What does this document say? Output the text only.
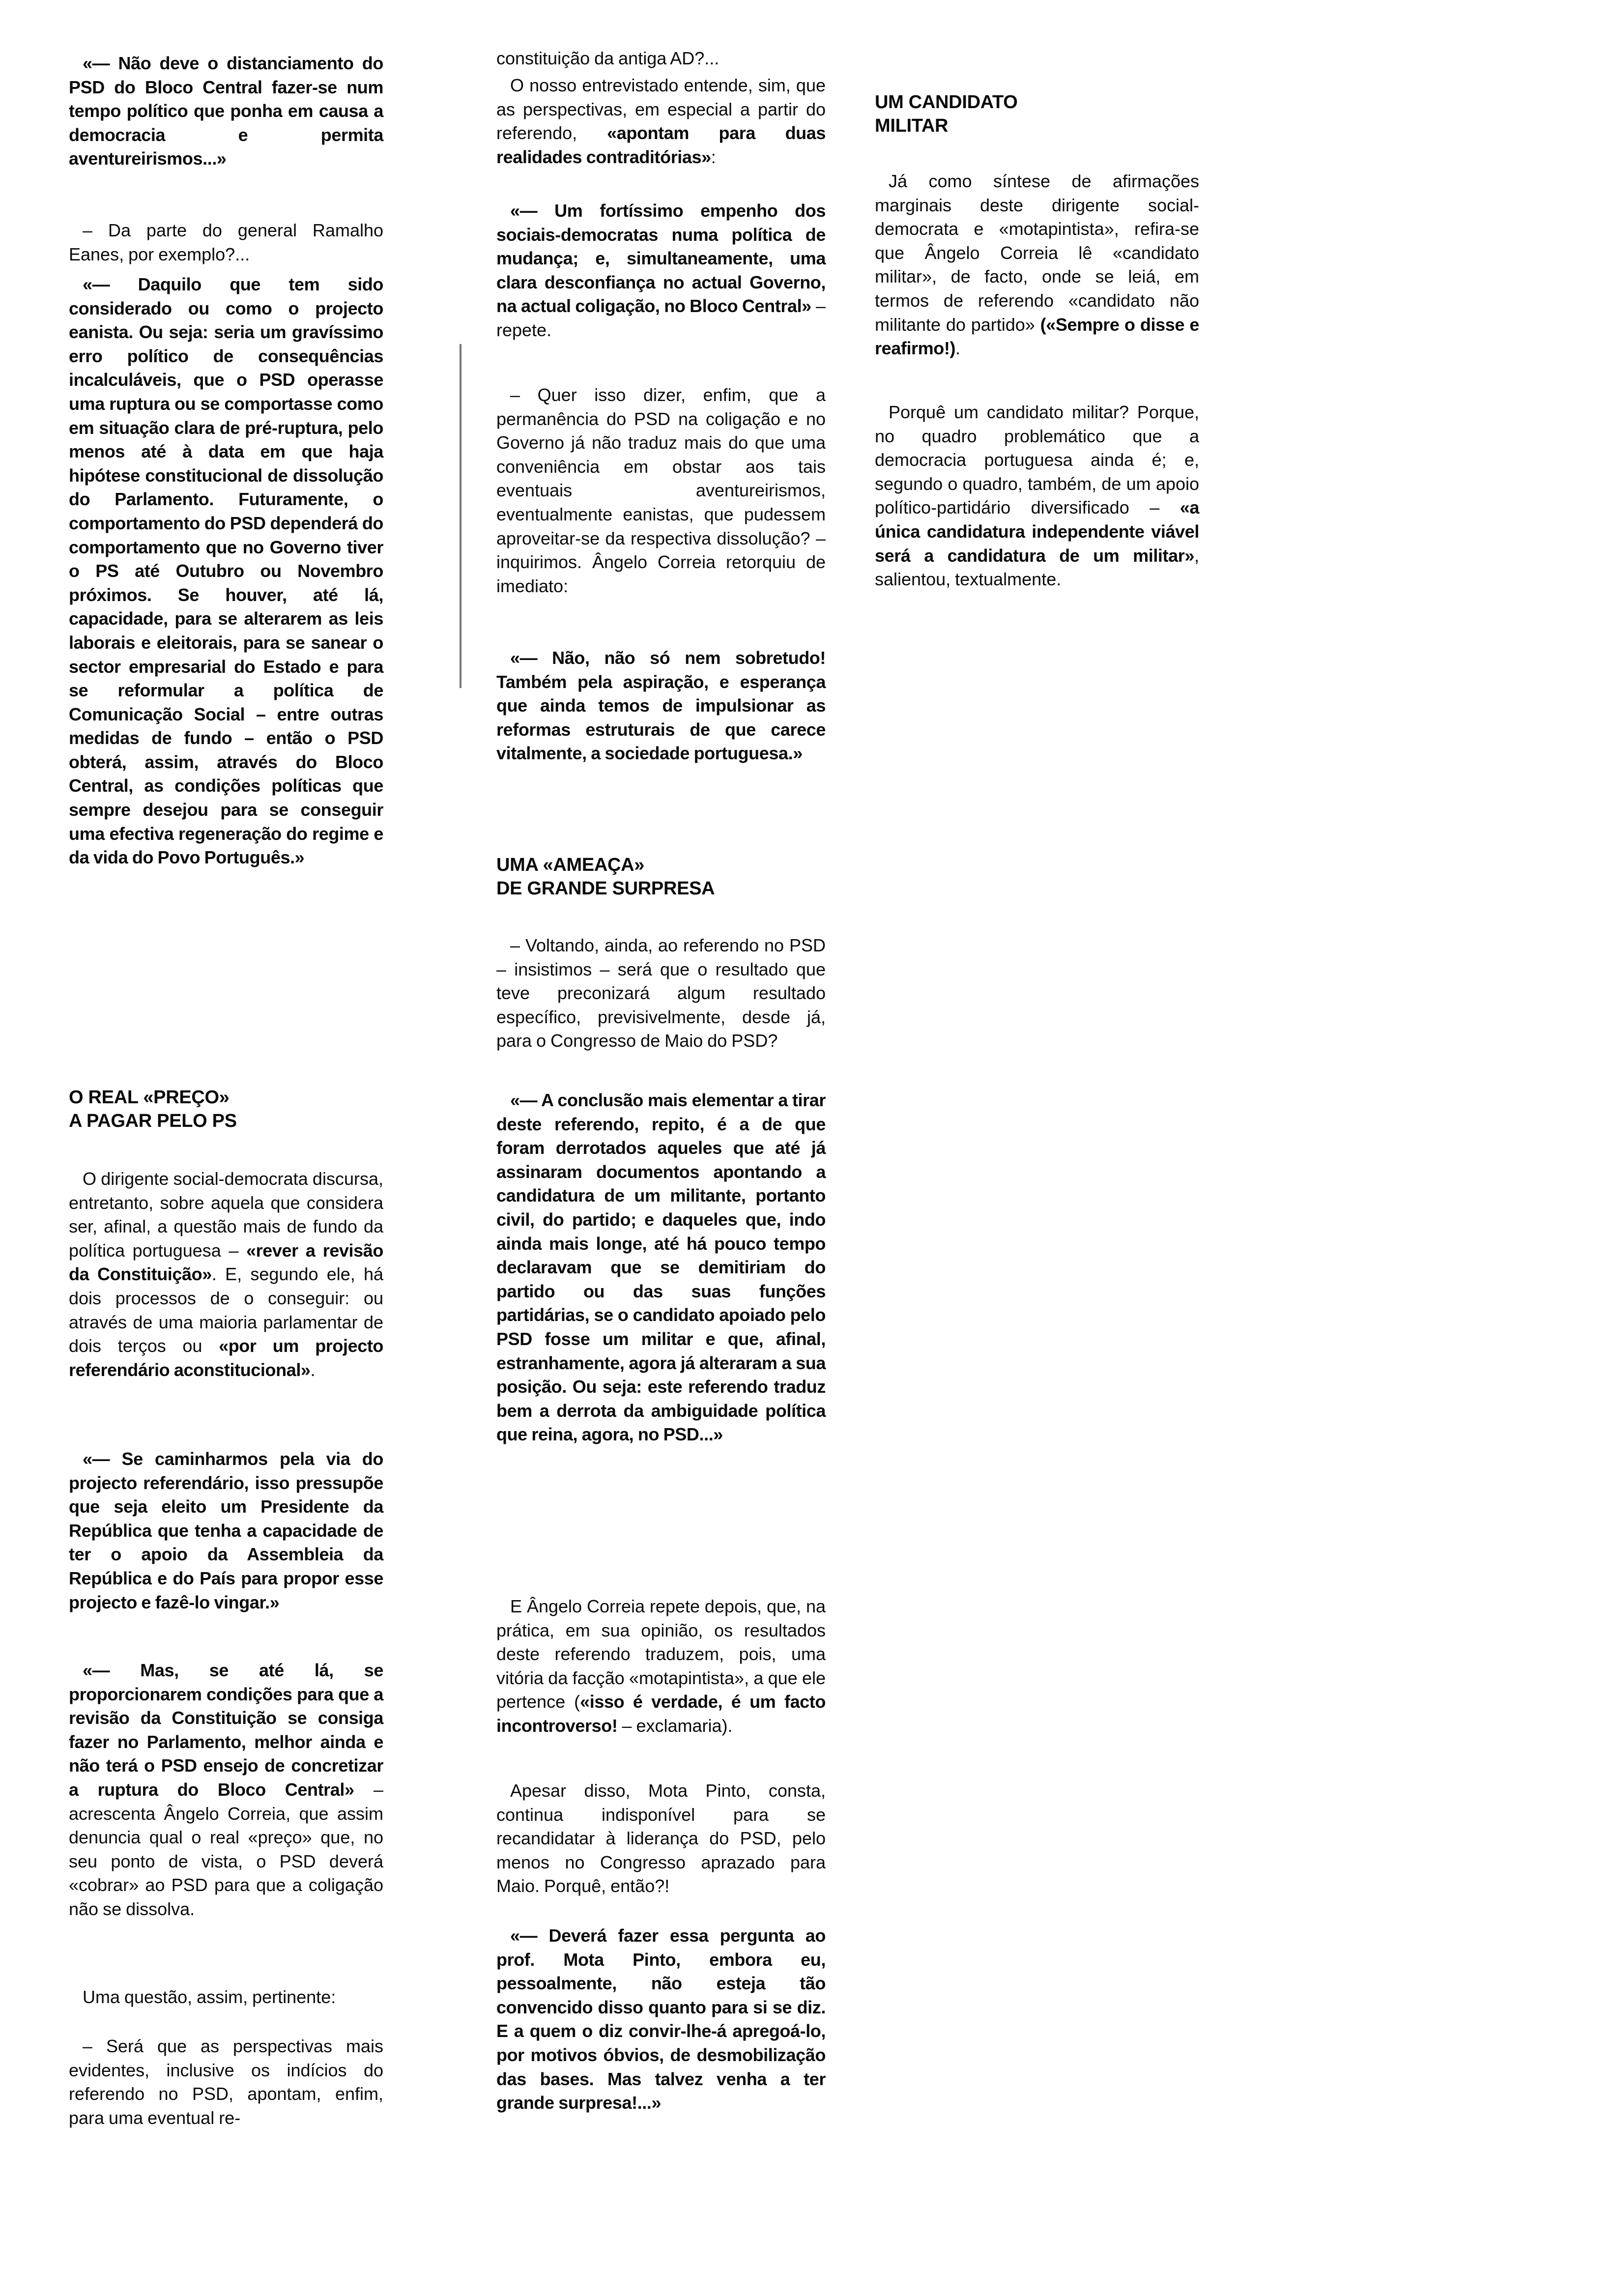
«— Não deve o distanciamento do PSD do Bloco Central fazer-se num tempo político que ponha em causa a democracia e permita aventureirismos...»

– Da parte do general Ramalho Eanes, por exemplo?...

«— Daquilo que tem sido considerado ou como o projecto eanista. Ou seja: seria um gravíssimo erro político de consequências incalculáveis, que o PSD operasse uma ruptura ou se comportasse como em situação clara de pré-ruptura, pelo menos até à data em que haja hipótese constitucional de dissolução do Parlamento. Futuramente, o comportamento do PSD dependerá do comportamento que no Governo tiver o PS até Outubro ou Novembro próximos. Se houver, até lá, capacidade, para se alterarem as leis laborais e eleitorais, para se sanear o sector empresarial do Estado e para se reformular a política de Comunicação Social – entre outras medidas de fundo – então o PSD obterá, assim, através do Bloco Central, as condições políticas que sempre desejou para se conseguir uma efectiva regeneração do regime e da vida do Povo Português.»

O REAL «PREÇO»
A PAGAR PELO PS

O dirigente social-democrata discursa, entretanto, sobre aquela que considera ser, afinal, a questão mais de fundo da política portuguesa – «rever a revisão da Constituição». E, segundo ele, há dois processos de o conseguir: ou através de uma maioria parlamentar de dois terços ou «por um projecto referendário aconstitucional».

«— Se caminharmos pela via do projecto referendário, isso pressupõe que seja eleito um Presidente da República que tenha a capacidade de ter o apoio da Assembleia da República e do País para propor esse projecto e fazê-lo vingar.»

«— Mas, se até lá, se proporcionarem condições para que a revisão da Constituição se consiga fazer no Parlamento, melhor ainda e não terá o PSD ensejo de concretizar a ruptura do Bloco Central» – acrescenta Ângelo Correia, que assim denuncia qual o real «preço» que, no seu ponto de vista, o PSD deverá «cobrar» ao PSD para que a coligação não se dissolva.

Uma questão, assim, pertinente:

– Será que as perspectivas mais evidentes, inclusive os indícios do referendo no PSD, apontam, enfim, para uma eventual re-

constituição da antiga AD?...

O nosso entrevistado entende, sim, que as perspectivas, em especial a partir do referendo, «apontam para duas realidades contraditórias»:

«— Um fortíssimo empenho dos sociais-democratas numa política de mudança; e, simultaneamente, uma clara desconfiança no actual Governo, na actual coligação, no Bloco Central» – repete.

– Quer isso dizer, enfim, que a permanência do PSD na coligação e no Governo já não traduz mais do que uma conveniência em obstar aos tais eventuais aventureirismos, eventualmente eanistas, que pudessem aproveitar-se da respectiva dissolução? – inquirimos. Ângelo Correia retorquiu de imediato:

«— Não, não só nem sobretudo! Também pela aspiração, e esperança que ainda temos de impulsionar as reformas estruturais de que carece vitalmente, a sociedade portuguesa.»

UMA «AMEAÇA»
DE GRANDE SURPRESA

– Voltando, ainda, ao referendo no PSD – insistimos – será que o resultado que teve preconizará algum resultado específico, previsivelmente, desde já, para o Congresso de Maio do PSD?

«— A conclusão mais elementar a tirar deste referendo, repito, é a de que foram derrotados aqueles que até já assinaram documentos apontando a candidatura de um militante, portanto civil, do partido; e daqueles que, indo ainda mais longe, até há pouco tempo declaravam que se demitiriam do partido ou das suas funções partidárias, se o candidato apoiado pelo PSD fosse um militar e que, afinal, estranhamente, agora já alteraram a sua posição. Ou seja: este referendo traduz bem a derrota da ambiguidade política que reina, agora, no PSD...»

E Ângelo Correia repete depois, que, na prática, em sua opinião, os resultados deste referendo traduzem, pois, uma vitória da facção «motapintista», a que ele pertence («isso é verdade, é um facto incontroverso! – exclamaria).

Apesar disso, Mota Pinto, consta, continua indisponível para se recandidatar à liderança do PSD, pelo menos no Congresso aprazado para Maio. Porquê, então?!

«— Deverá fazer essa pergunta ao prof. Mota Pinto, embora eu, pessoalmente, não esteja tão convencido disso quanto para si se diz. E a quem o diz convir-lhe-á apregoá-lo, por motivos óbvios, de desmobilização das bases. Mas talvez venha a ter grande surpresa!...»

UM CANDIDATO
MILITAR

Já como síntese de afirmações marginais deste dirigente social-democrata e «motapintista», refira-se que Ângelo Correia lê «candidato militar», de facto, onde se leiá, em termos de referendo «candidato não militante do partido» («Sempre o disse e reafirmo!).

Porquê um candidato militar? Porque, no quadro problemático que a democracia portuguesa ainda é; e, segundo o quadro, também, de um apoio político-partidário diversificado – «a única candidatura independente viável será a candidatura de um militar», salientou, textualmente.
